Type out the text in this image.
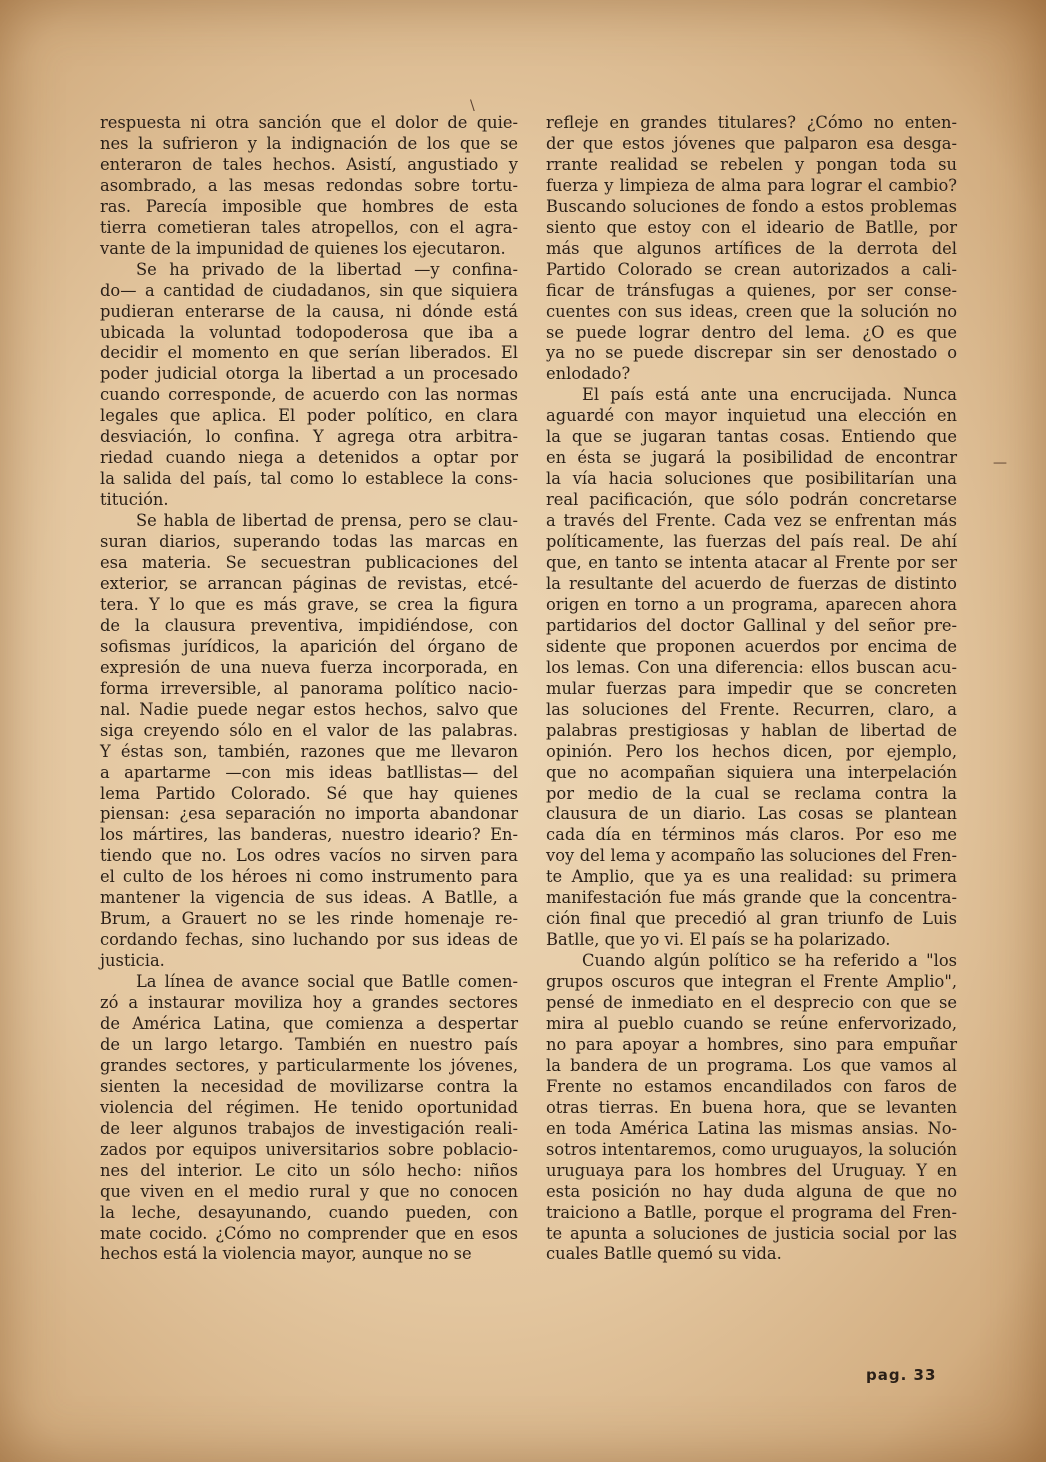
respuesta ni otra sanción que el dolor de quie-
nes la sufrieron y la indignación de los que se
enteraron de tales hechos. Asistí, angustiado y
asombrado, a las mesas redondas sobre tortu-
ras. Parecía imposible que hombres de esta
tierra cometieran tales atropellos, con el agra-
vante de la impunidad de quienes los ejecutaron.

Se ha privado de la libertad —y confina-
do— a cantidad de ciudadanos, sin que siquiera
pudieran enterarse de la causa, ni dónde está
ubicada la voluntad todopoderosa que iba a
decidir el momento en que serían liberados. El
poder judicial otorga la libertad a un procesado
cuando corresponde, de acuerdo con las normas
legales que aplica. El poder político, en clara
desviación, lo confina. Y agrega otra arbitra-
riedad cuando niega a detenidos a optar por
la salida del país, tal como lo establece la cons-
titución.

Se habla de libertad de prensa, pero se clau-
suran diarios, superando todas las marcas en
esa materia. Se secuestran publicaciones del
exterior, se arrancan páginas de revistas, etcé-
tera. Y lo que es más grave, se crea la figura
de la clausura preventiva, impidiéndose, con
sofismas jurídicos, la aparición del órgano de
expresión de una nueva fuerza incorporada, en
forma irreversible, al panorama político nacio-
nal. Nadie puede negar estos hechos, salvo que
siga creyendo sólo en el valor de las palabras.
Y éstas son, también, razones que me llevaron
a apartarme —con mis ideas batllistas— del
lema Partido Colorado. Sé que hay quienes
piensan: ¿esa separación no importa abandonar
los mártires, las banderas, nuestro ideario? En-
tiendo que no. Los odres vacíos no sirven para
el culto de los héroes ni como instrumento para
mantener la vigencia de sus ideas. A Batlle, a
Brum, a Grauert no se les rinde homenaje re-
cordando fechas, sino luchando por sus ideas de
justicia.

La línea de avance social que Batlle comen-
zó a instaurar moviliza hoy a grandes sectores
de América Latina, que comienza a despertar
de un largo letargo. También en nuestro país
grandes sectores, y particularmente los jóvenes,
sienten la necesidad de movilizarse contra la
violencia del régimen. He tenido oportunidad
de leer algunos trabajos de investigación reali-
zados por equipos universitarios sobre poblacio-
nes del interior. Le cito un sólo hecho: niños
que viven en el medio rural y que no conocen
la leche, desayunando, cuando pueden, con
mate cocido. ¿Cómo no comprender que en esos
hechos está la violencia mayor, aunque no se

refleje en grandes titulares? ¿Cómo no enten-
der que estos jóvenes que palparon esa desga-
rrante realidad se rebelen y pongan toda su
fuerza y limpieza de alma para lograr el cambio?
Buscando soluciones de fondo a estos problemas
siento que estoy con el ideario de Batlle, por
más que algunos artífices de la derrota del
Partido Colorado se crean autorizados a cali-
ficar de tránsfugas a quienes, por ser conse-
cuentes con sus ideas, creen que la solución no
se puede lograr dentro del lema. ¿O es que
ya no se puede discrepar sin ser denostado o
enlodado?

El país está ante una encrucijada. Nunca
aguardé con mayor inquietud una elección en
la que se jugaran tantas cosas. Entiendo que
en ésta se jugará la posibilidad de encontrar
la vía hacia soluciones que posibilitarían una
real pacificación, que sólo podrán concretarse
a través del Frente. Cada vez se enfrentan más
políticamente, las fuerzas del país real. De ahí
que, en tanto se intenta atacar al Frente por ser
la resultante del acuerdo de fuerzas de distinto
origen en torno a un programa, aparecen ahora
partidarios del doctor Gallinal y del señor pre-
sidente que proponen acuerdos por encima de
los lemas. Con una diferencia: ellos buscan acu-
mular fuerzas para impedir que se concreten
las soluciones del Frente. Recurren, claro, a
palabras prestigiosas y hablan de libertad de
opinión. Pero los hechos dicen, por ejemplo,
que no acompañan siquiera una interpelación
por medio de la cual se reclama contra la
clausura de un diario. Las cosas se plantean
cada día en términos más claros. Por eso me
voy del lema y acompaño las soluciones del Fren-
te Amplio, que ya es una realidad: su primera
manifestación fue más grande que la concentra-
ción final que precedió al gran triunfo de Luis
Batlle, que yo vi. El país se ha polarizado.

Cuando algún político se ha referido a "los
grupos oscuros que integran el Frente Amplio",
pensé de inmediato en el desprecio con que se
mira al pueblo cuando se reúne enfervorizado,
no para apoyar a hombres, sino para empuñar
la bandera de un programa. Los que vamos al
Frente no estamos encandilados con faros de
otras tierras. En buena hora, que se levanten
en toda América Latina las mismas ansias. No-
sotros intentaremos, como uruguayos, la solución
uruguaya para los hombres del Uruguay. Y en
esta posición no hay duda alguna de que no
traiciono a Batlle, porque el programa del Fren-
te apunta a soluciones de justicia social por las
cuales Batlle quemó su vida.

pag. 33
\
—
